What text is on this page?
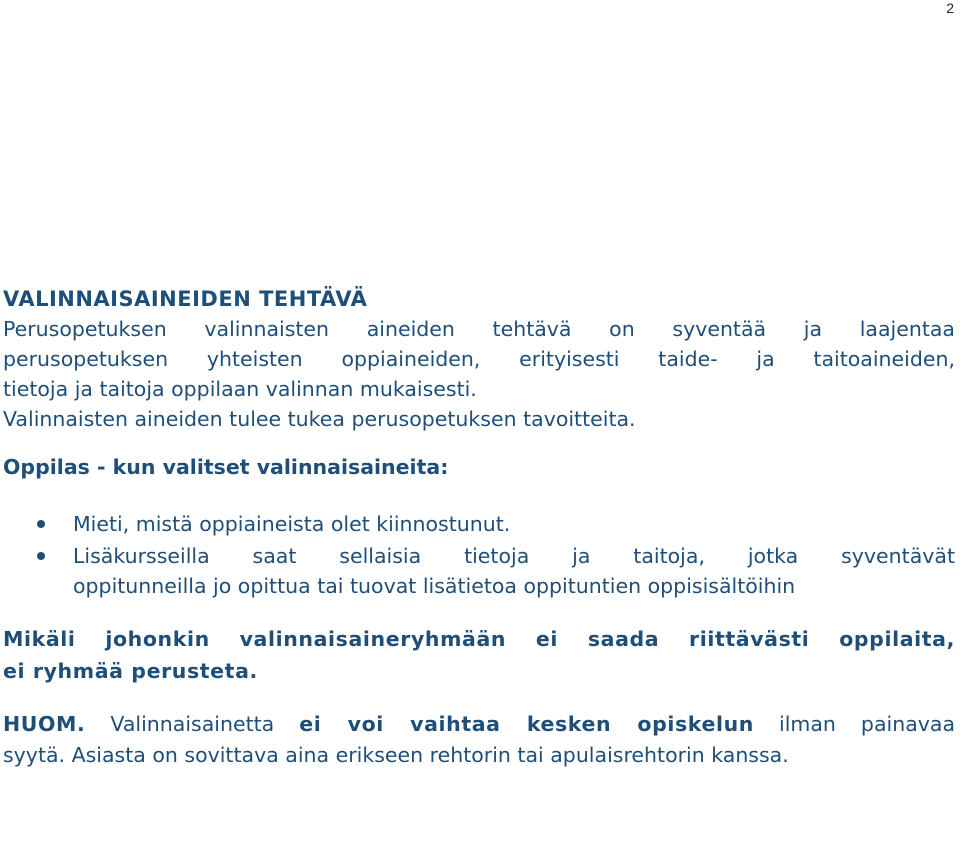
2
VALINNAISAINEIDEN TEHTÄVÄ

Perusopetuksen valinnaisten aineiden tehtävä on syventää ja laajentaa
perusopetuksen yhteisten oppiaineiden, erityisesti taide- ja taitoaineiden,
tietoja ja taitoja oppilaan valinnan mukaisesti.
Valinnaisten aineiden tulee tukea perusopetuksen tavoitteita.

Oppilas - kun valitset valinnaisaineita:
Mieti, mistä oppiaineista olet kiinnostunut.
Lisäkursseilla saat sellaisia tietoja ja taitoja, jotka syventävät
oppitunneilla jo opittua tai tuovat lisätietoa oppituntien oppisisältöihin

Mikäli johonkin valinnaisaineryhmään ei saada riittävästi oppilaita,
ei ryhmää perusteta.

HUOM. Valinnaisainetta ei voi vaihtaa kesken opiskelun ilman painavaa
syytä. Asiasta on sovittava aina erikseen rehtorin tai apulaisrehtorin kanssa.
